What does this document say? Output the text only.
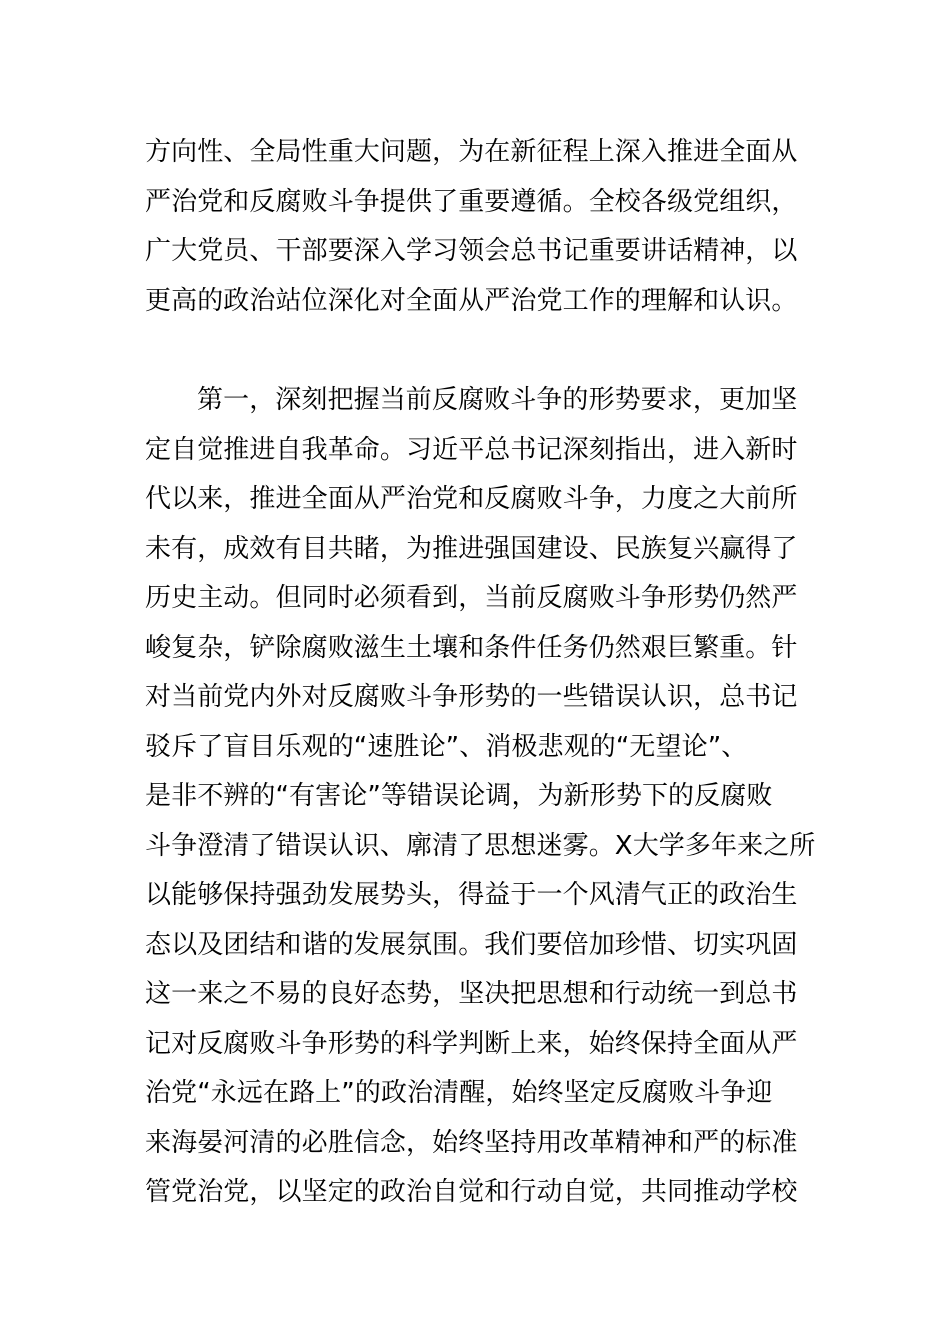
方向性、全局性重大问题，为在新征程上深入推进全面从
严治党和反腐败斗争提供了重要遵循。全校各级党组织，
广大党员、干部要深入学习领会总书记重要讲话精神，以
更高的政治站位深化对全面从严治党工作的理解和认识。
第一，深刻把握当前反腐败斗争的形势要求，更加坚
定自觉推进自我革命。习近平总书记深刻指出，进入新时
代以来，推进全面从严治党和反腐败斗争，力度之大前所
未有，成效有目共睹，为推进强国建设、民族复兴赢得了
历史主动。但同时必须看到，当前反腐败斗争形势仍然严
峻复杂，铲除腐败滋生土壤和条件任务仍然艰巨繁重。针
对当前党内外对反腐败斗争形势的一些错误认识，总书记
驳斥了盲目乐观的“速胜论”、消极悲观的“无望论”、
是非不辨的“有害论”等错误论调，为新形势下的反腐败
斗争澄清了错误认识、廓清了思想迷雾。X大学多年来之所
以能够保持强劲发展势头，得益于一个风清气正的政治生
态以及团结和谐的发展氛围。我们要倍加珍惜、切实巩固
这一来之不易的良好态势，坚决把思想和行动统一到总书
记对反腐败斗争形势的科学判断上来，始终保持全面从严
治党“永远在路上”的政治清醒，始终坚定反腐败斗争迎
来海晏河清的必胜信念，始终坚持用改革精神和严的标准
管党治党，以坚定的政治自觉和行动自觉，共同推动学校
